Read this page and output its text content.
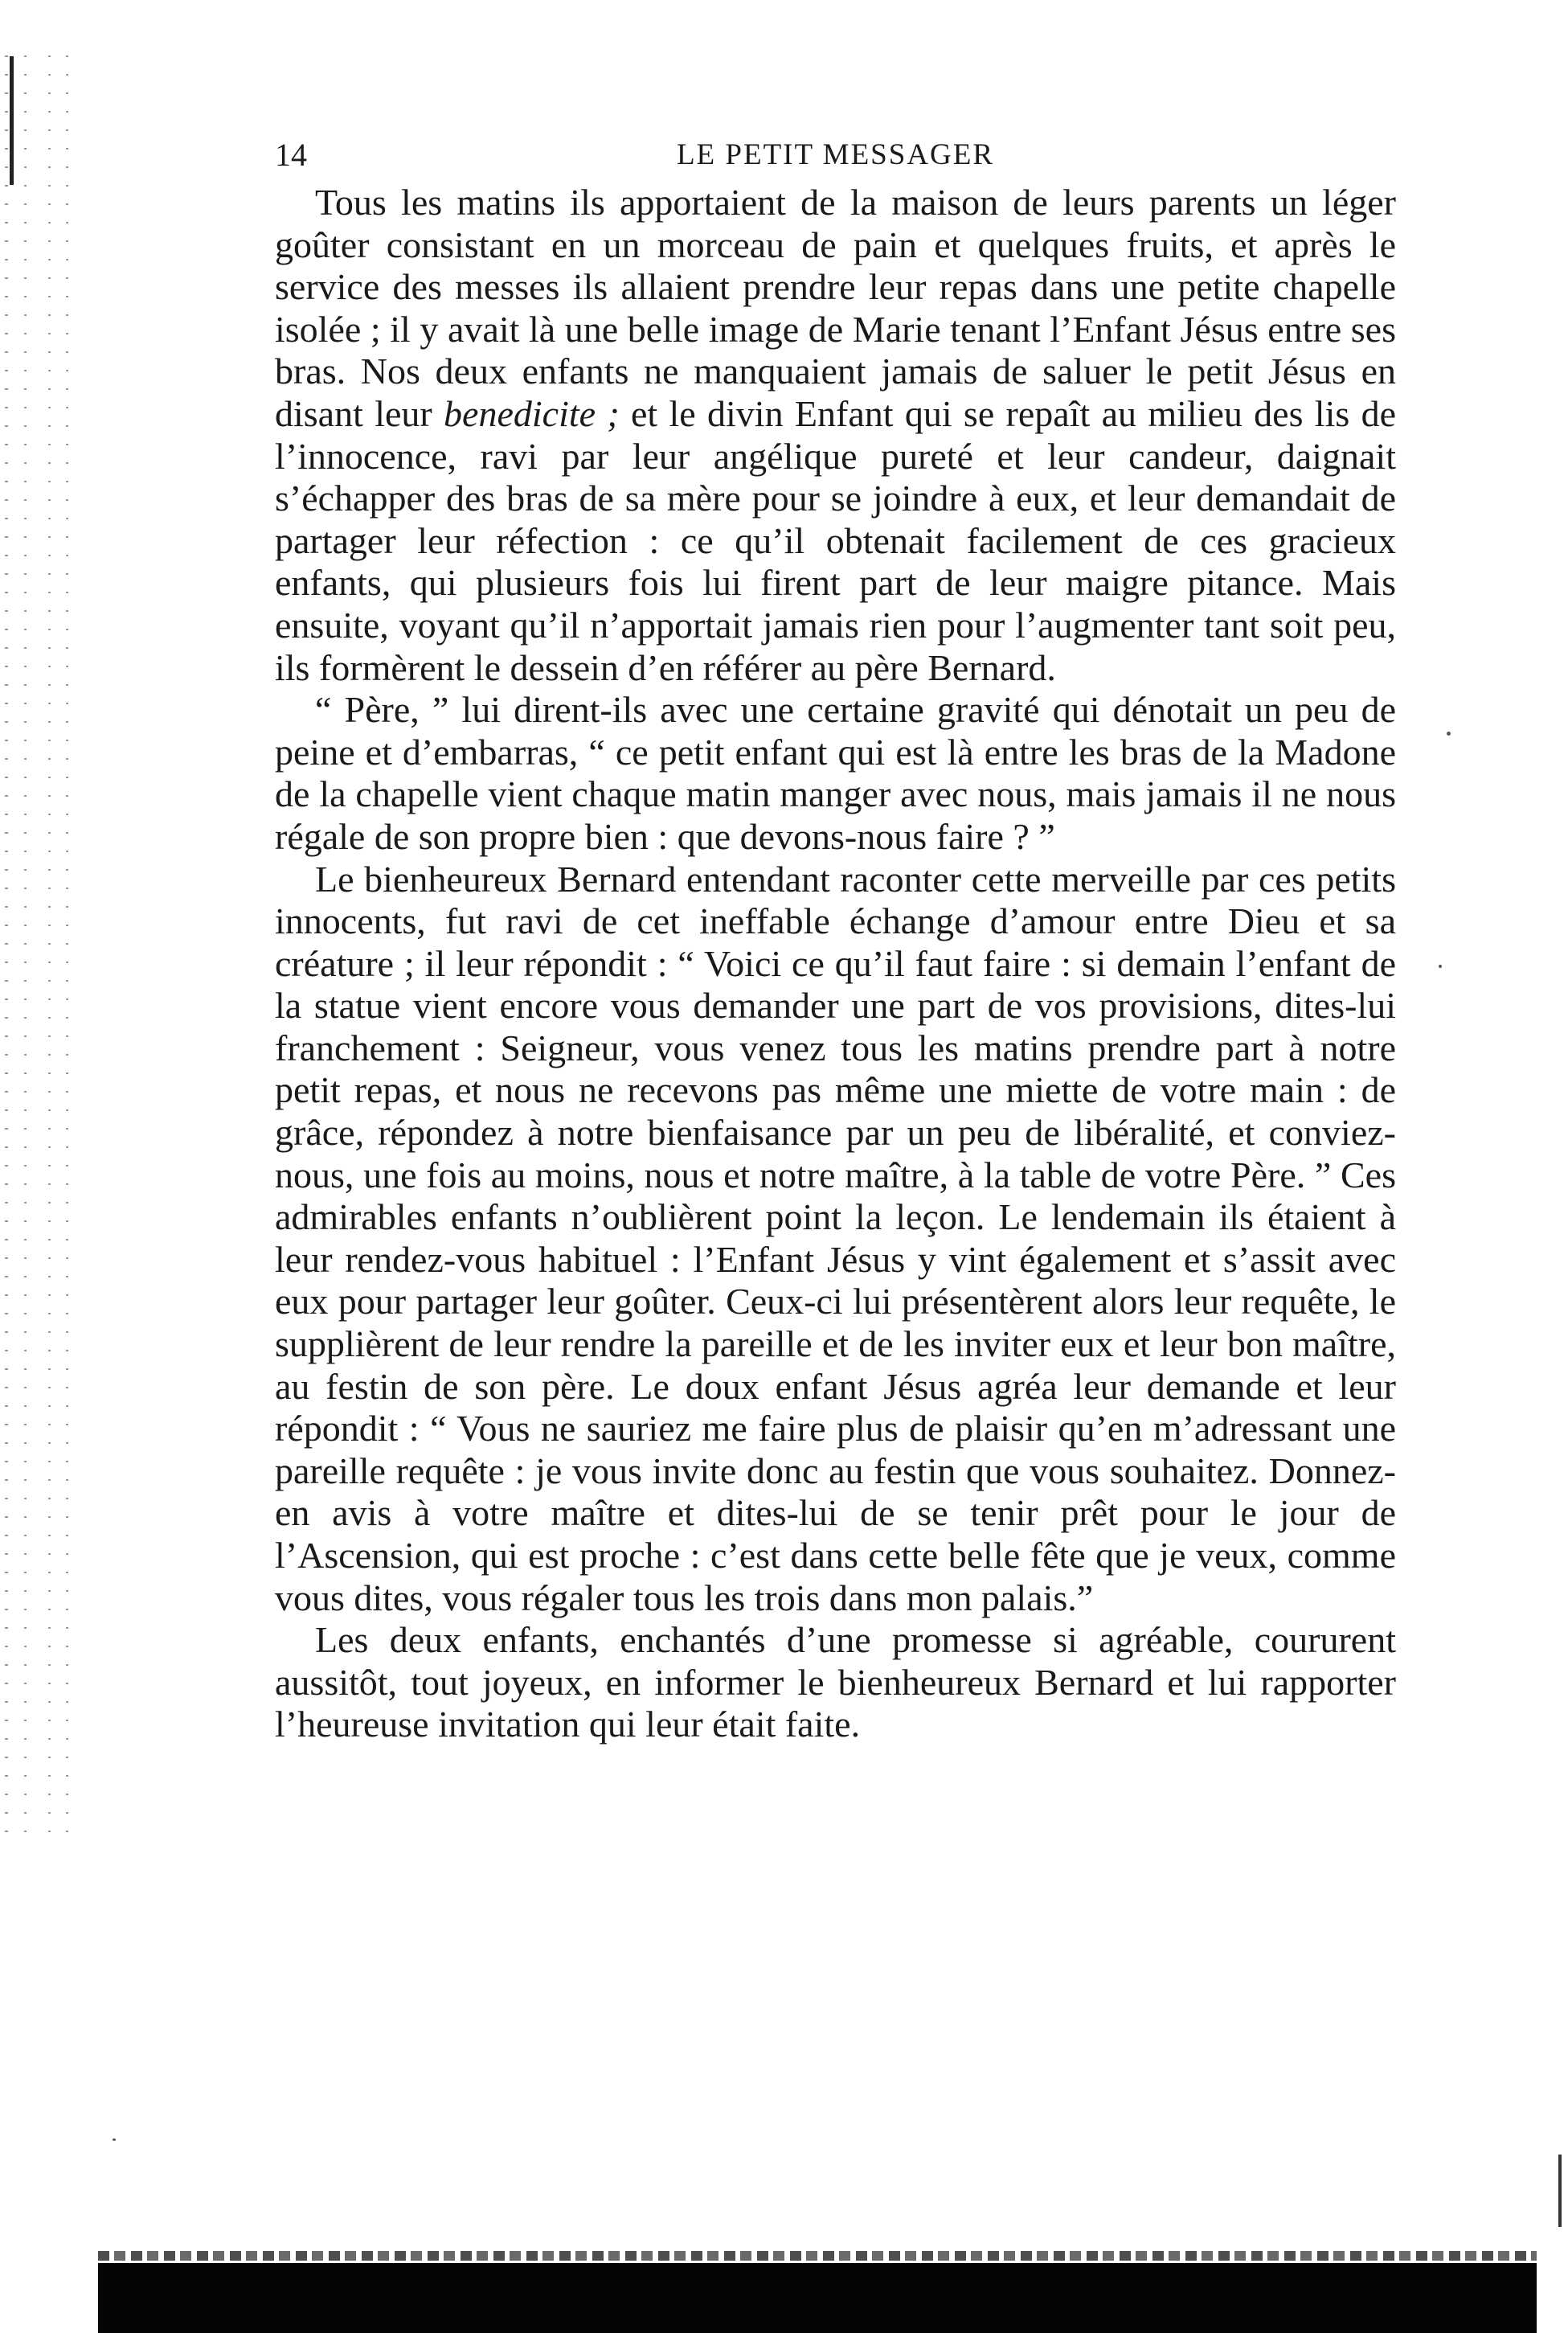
14	LE PETIT MESSAGER

Tous les matins ils apportaient de la maison de leurs parents un léger goûter consistant en un morceau de pain et quelques fruits, et après le service des messes ils allaient prendre leur repas dans une petite chapelle isolée ; il y avait là une belle image de Marie tenant l’Enfant Jésus entre ses bras. Nos deux enfants ne manquaient jamais de saluer le petit Jésus en disant leur benedicite ; et le divin Enfant qui se repaît au milieu des lis de l’innocence, ravi par leur angélique pureté et leur candeur, daignait s’échapper des bras de sa mère pour se joindre à eux, et leur demandait de partager leur réfection : ce qu’il obtenait facilement de ces gracieux enfants, qui plusieurs fois lui firent part de leur maigre pitance. Mais ensuite, voyant qu’il n’apportait jamais rien pour l’augmenter tant soit peu, ils formèrent le dessein d’en référer au père Bernard.

“ Père, ” lui dirent-ils avec une certaine gravité qui dénotait un peu de peine et d’embarras, “ ce petit enfant qui est là entre les bras de la Madone de la chapelle vient chaque matin manger avec nous, mais jamais il ne nous régale de son propre bien : que devons-nous faire ? ”

Le bienheureux Bernard entendant raconter cette merveille par ces petits innocents, fut ravi de cet ineffable échange d’amour entre Dieu et sa créature ; il leur répondit : “ Voici ce qu’il faut faire : si demain l’enfant de la statue vient encore vous demander une part de vos provisions, dites-lui franchement : Seigneur, vous venez tous les matins prendre part à notre petit repas, et nous ne recevons pas même une miette de votre main : de grâce, répondez à notre bienfaisance par un peu de libéralité, et conviez-nous, une fois au moins, nous et notre maître, à la table de votre Père. ” Ces admirables enfants n’oublièrent point la leçon. Le lendemain ils étaient à leur rendez-vous habituel : l’Enfant Jésus y vint également et s’assit avec eux pour partager leur goûter. Ceux-ci lui présentèrent alors leur requête, le supplièrent de leur rendre la pareille et de les inviter eux et leur bon maître, au festin de son père. Le doux enfant Jésus agréa leur demande et leur répondit : “ Vous ne sauriez me faire plus de plaisir qu’en m’adressant une pareille requête : je vous invite donc au festin que vous souhaitez. Donnez-en avis à votre maître et dites-lui de se tenir prêt pour le jour de l’Ascension, qui est proche : c’est dans cette belle fête que je veux, comme vous dites, vous régaler tous les trois dans mon palais.”

Les deux enfants, enchantés d’une promesse si agréable, coururent aussitôt, tout joyeux, en informer le bienheureux Bernard et lui rapporter l’heureuse invitation qui leur était faite.
